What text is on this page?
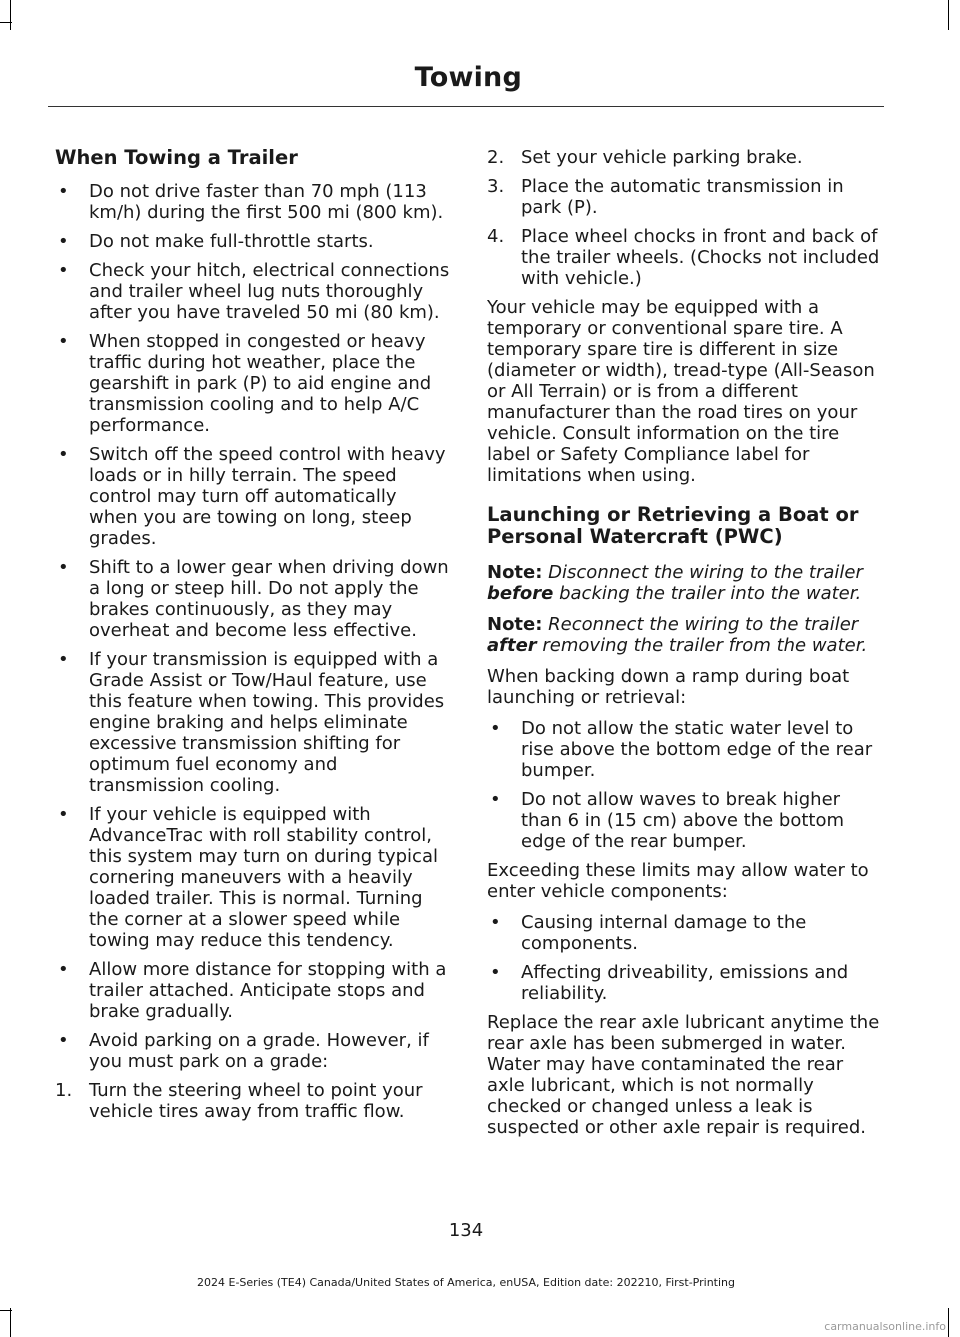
Towing
When Towing a Trailer
• Do not drive faster than 70 mph (113 km/h) during the first 500 mi (800 km).
• Do not make full-throttle starts.
• Check your hitch, electrical connections and trailer wheel lug nuts thoroughly after you have traveled 50 mi (80 km).
• When stopped in congested or heavy traffic during hot weather, place the gearshift in park (P) to aid engine and transmission cooling and to help A/C performance.
• Switch off the speed control with heavy loads or in hilly terrain. The speed control may turn off automatically when you are towing on long, steep grades.
• Shift to a lower gear when driving down a long or steep hill. Do not apply the brakes continuously, as they may overheat and become less effective.
• If your transmission is equipped with a Grade Assist or Tow/Haul feature, use this feature when towing. This provides engine braking and helps eliminate excessive transmission shifting for optimum fuel economy and transmission cooling.
• If your vehicle is equipped with AdvanceTrac with roll stability control, this system may turn on during typical cornering maneuvers with a heavily loaded trailer. This is normal. Turning the corner at a slower speed while towing may reduce this tendency.
• Allow more distance for stopping with a trailer attached. Anticipate stops and brake gradually.
• Avoid parking on a grade. However, if you must park on a grade:
1. Turn the steering wheel to point your vehicle tires away from traffic flow.
2. Set your vehicle parking brake.
3. Place the automatic transmission in park (P).
4. Place wheel chocks in front and back of the trailer wheels. (Chocks not included with vehicle.)

Your vehicle may be equipped with a temporary or conventional spare tire. A temporary spare tire is different in size (diameter or width), tread-type (All-Season or All Terrain) or is from a different manufacturer than the road tires on your vehicle. Consult information on the tire label or Safety Compliance label for limitations when using.

Launching or Retrieving a Boat or Personal Watercraft (PWC)

Note: Disconnect the wiring to the trailer before backing the trailer into the water.

Note: Reconnect the wiring to the trailer after removing the trailer from the water.

When backing down a ramp during boat launching or retrieval:

• Do not allow the static water level to rise above the bottom edge of the rear bumper.
• Do not allow waves to break higher than 6 in (15 cm) above the bottom edge of the rear bumper.

Exceeding these limits may allow water to enter vehicle components:

• Causing internal damage to the components.
• Affecting driveability, emissions and reliability.

Replace the rear axle lubricant anytime the rear axle has been submerged in water. Water may have contaminated the rear axle lubricant, which is not normally checked or changed unless a leak is suspected or other axle repair is required.

134
2024 E-Series (TE4) Canada/United States of America, enUSA, Edition date: 202210, First-Printing
carmanualsonline.info
